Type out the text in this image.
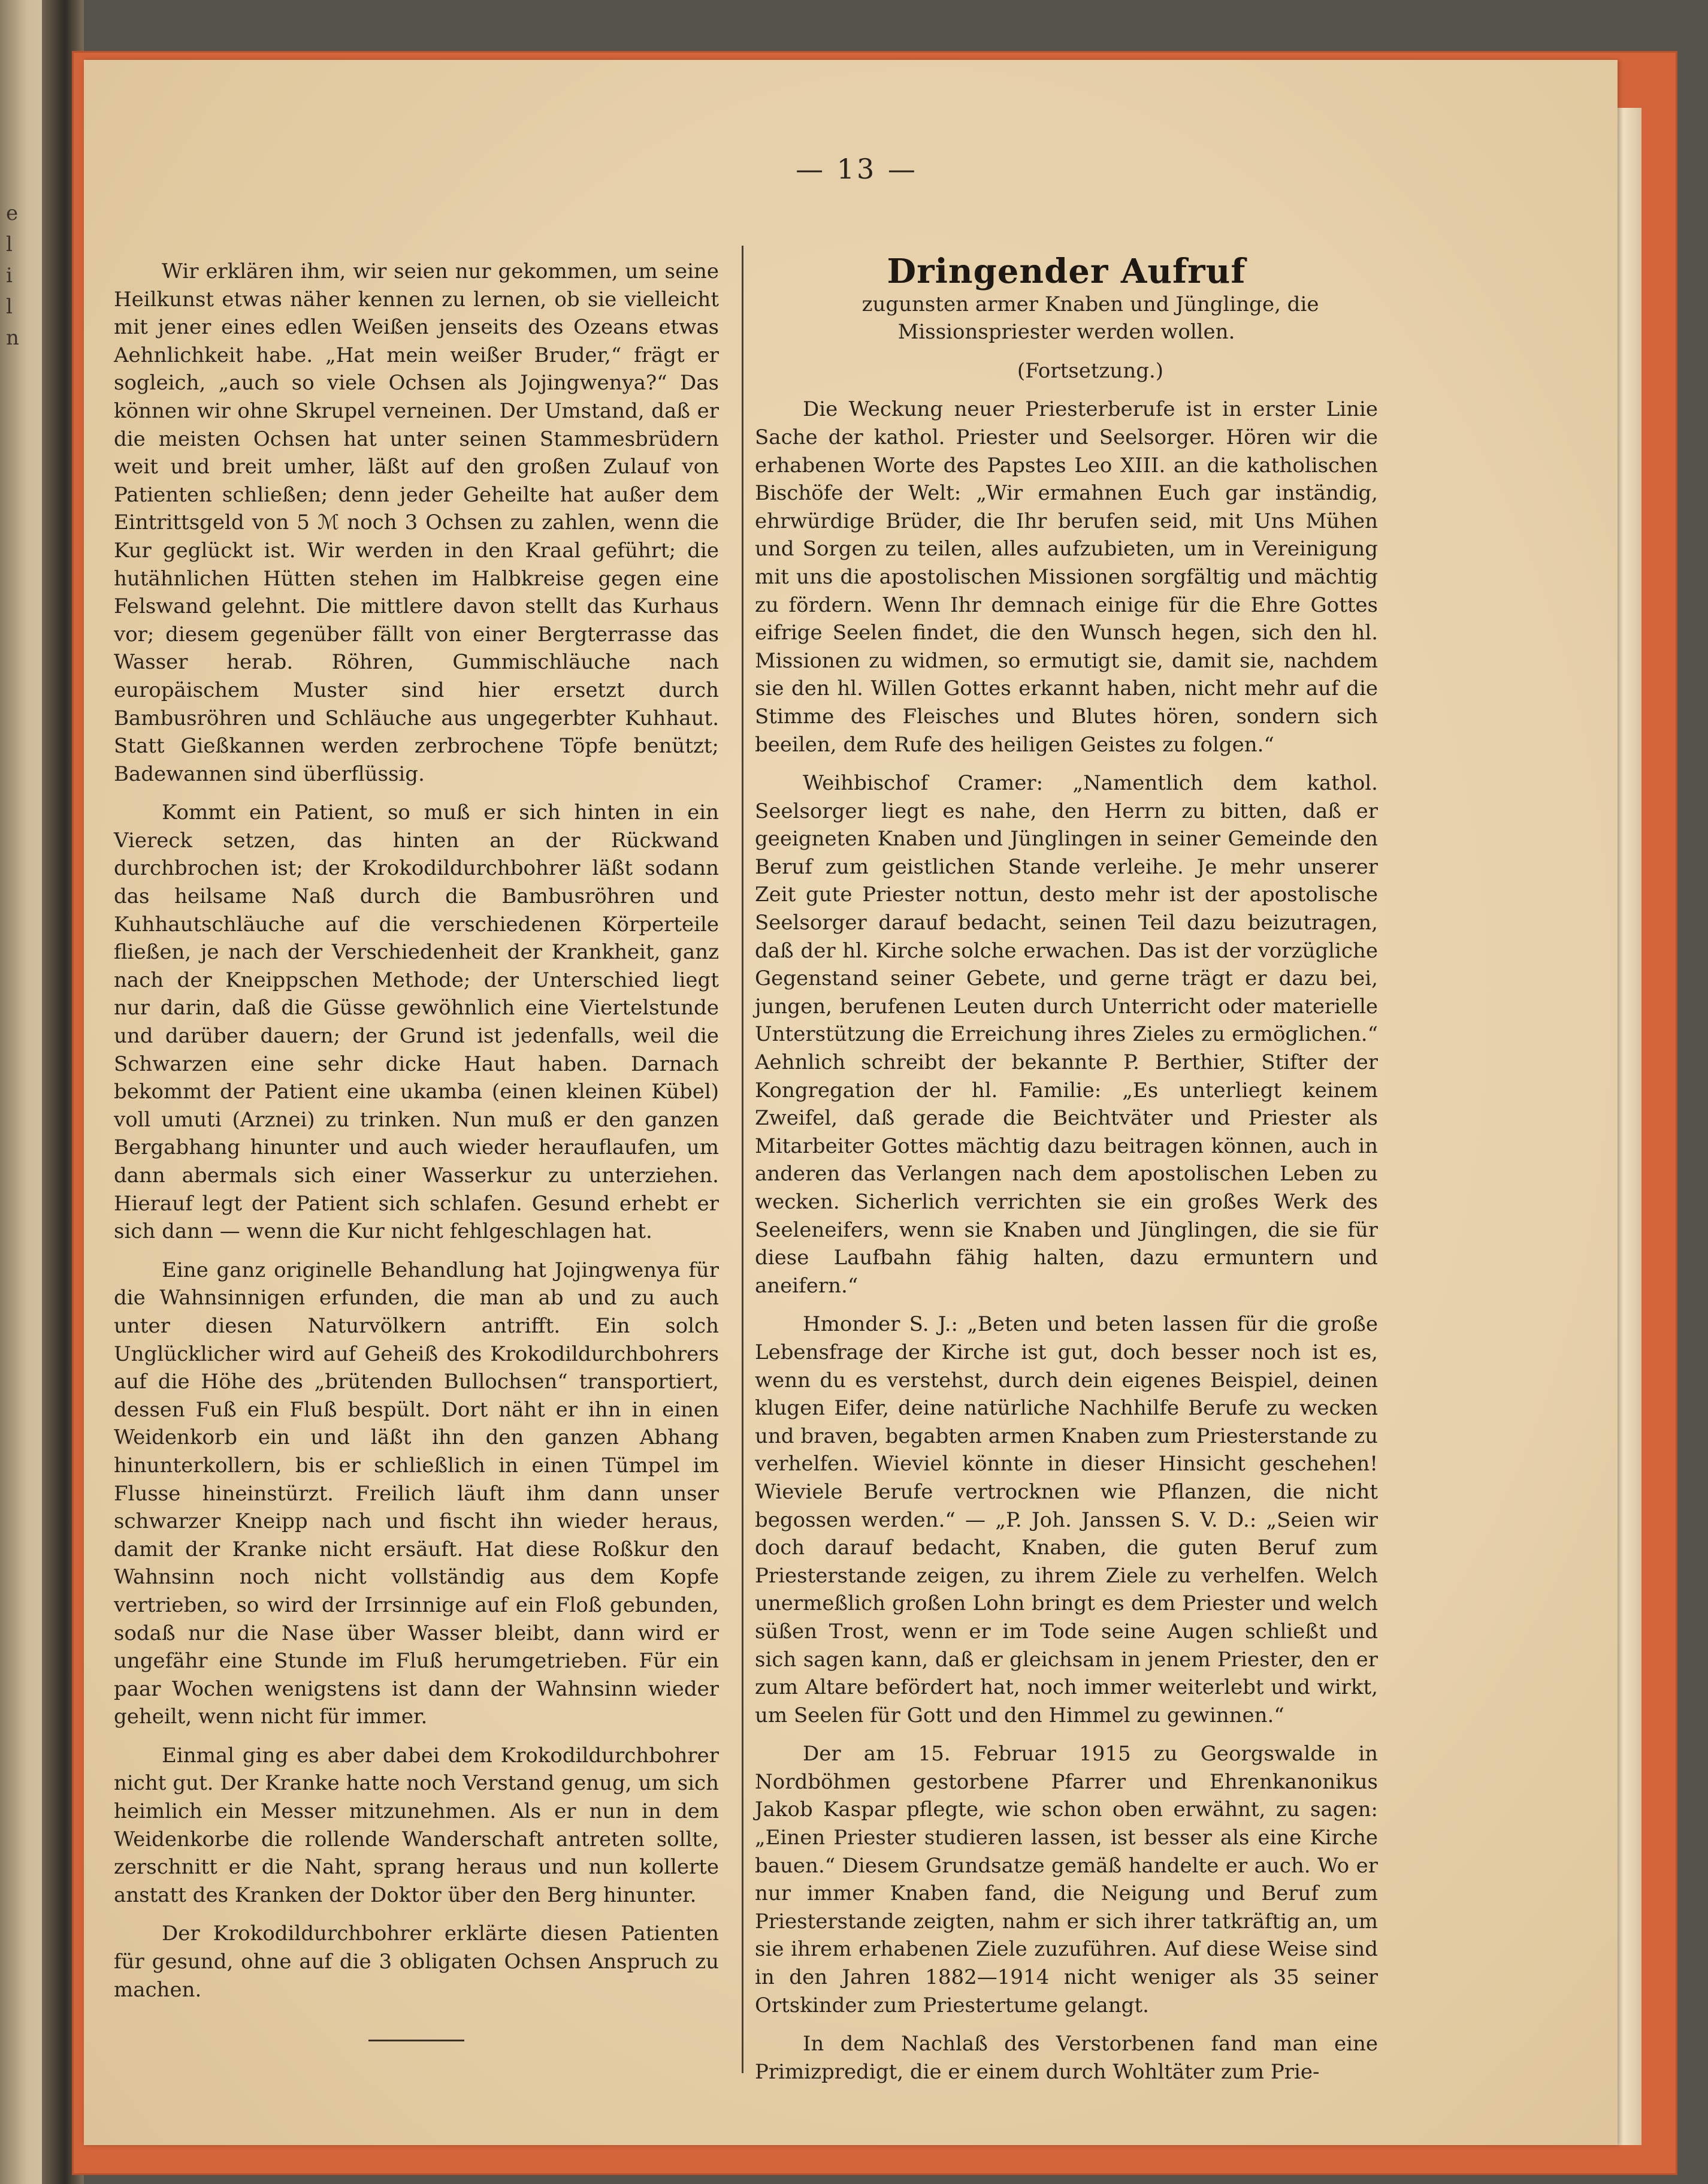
e
l
i
l
n
— 13 —

Wir erklären ihm, wir seien nur gekommen, um seine Heilkunst etwas näher kennen zu lernen, ob sie vielleicht mit jener eines edlen Weißen jenseits des Ozeans etwas Aehnlichkeit habe. „Hat mein weißer Bruder,“ frägt er sogleich, „auch so viele Ochsen als Jojingwenya?“ Das können wir ohne Skrupel verneinen. Der Umstand, daß er die meisten Ochsen hat unter seinen Stammesbrüdern weit und breit umher, läßt auf den großen Zulauf von Patienten schließen; denn jeder Geheilte hat außer dem Eintrittsgeld von 5 ℳ noch 3 Ochsen zu zahlen, wenn die Kur geglückt ist. Wir werden in den Kraal geführt; die hutähnlichen Hütten stehen im Halbkreise gegen eine Felswand gelehnt. Die mittlere davon stellt das Kurhaus vor; diesem gegenüber fällt von einer Bergterrasse das Wasser herab. Röhren, Gummischläuche nach europäischem Muster sind hier ersetzt durch Bambusröhren und Schläuche aus ungegerbter Kuhhaut. Statt Gießkannen werden zerbrochene Töpfe benützt; Badewannen sind überflüssig.

Kommt ein Patient, so muß er sich hinten in ein Viereck setzen, das hinten an der Rückwand durchbrochen ist; der Krokodildurchbohrer läßt sodann das heilsame Naß durch die Bambusröhren und Kuhhautschläuche auf die verschiedenen Körperteile fließen, je nach der Verschiedenheit der Krankheit, ganz nach der Kneippschen Methode; der Unterschied liegt nur darin, daß die Güsse gewöhnlich eine Viertelstunde und darüber dauern; der Grund ist jedenfalls, weil die Schwarzen eine sehr dicke Haut haben. Darnach bekommt der Patient eine ukamba (einen kleinen Kübel) voll umuti (Arznei) zu trinken. Nun muß er den ganzen Bergabhang hinunter und auch wieder herauflaufen, um dann abermals sich einer Wasserkur zu unterziehen. Hierauf legt der Patient sich schlafen. Gesund erhebt er sich dann — wenn die Kur nicht fehlgeschlagen hat.

Eine ganz originelle Behandlung hat Jojingwenya für die Wahnsinnigen erfunden, die man ab und zu auch unter diesen Naturvölkern antrifft. Ein solch Unglücklicher wird auf Geheiß des Krokodildurchbohrers auf die Höhe des „brütenden Bullochsen“ transportiert, dessen Fuß ein Fluß bespült. Dort näht er ihn in einen Weidenkorb ein und läßt ihn den ganzen Abhang hinunterkollern, bis er schließlich in einen Tümpel im Flusse hineinstürzt. Freilich läuft ihm dann unser schwarzer Kneipp nach und fischt ihn wieder heraus, damit der Kranke nicht ersäuft. Hat diese Roßkur den Wahnsinn noch nicht vollständig aus dem Kopfe vertrieben, so wird der Irrsinnige auf ein Floß gebunden, sodaß nur die Nase über Wasser bleibt, dann wird er ungefähr eine Stunde im Fluß herumgetrieben. Für ein paar Wochen wenigstens ist dann der Wahnsinn wieder geheilt, wenn nicht für immer.

Einmal ging es aber dabei dem Krokodildurchbohrer nicht gut. Der Kranke hatte noch Verstand genug, um sich heimlich ein Messer mitzunehmen. Als er nun in dem Weidenkorbe die rollende Wanderschaft antreten sollte, zerschnitt er die Naht, sprang heraus und nun kollerte anstatt des Kranken der Doktor über den Berg hinunter.

Der Krokodildurchbohrer erklärte diesen Patienten für gesund, ohne auf die 3 obligaten Ochsen Anspruch zu machen.

Dringender Aufruf

zugunsten armer Knaben und Jünglinge, die Missionspriester werden wollen.

(Fortsetzung.)

Die Weckung neuer Priesterberufe ist in erster Linie Sache der kathol. Priester und Seelsorger. Hören wir die erhabenen Worte des Papstes Leo XIII. an die katholischen Bischöfe der Welt: „Wir ermahnen Euch gar inständig, ehrwürdige Brüder, die Ihr berufen seid, mit Uns Mühen und Sorgen zu teilen, alles aufzubieten, um in Vereinigung mit uns die apostolischen Missionen sorgfältig und mächtig zu fördern. Wenn Ihr demnach einige für die Ehre Gottes eifrige Seelen findet, die den Wunsch hegen, sich den hl. Missionen zu widmen, so ermutigt sie, damit sie, nachdem sie den hl. Willen Gottes erkannt haben, nicht mehr auf die Stimme des Fleisches und Blutes hören, sondern sich beeilen, dem Rufe des heiligen Geistes zu folgen.“

Weihbischof Cramer: „Namentlich dem kathol. Seelsorger liegt es nahe, den Herrn zu bitten, daß er geeigneten Knaben und Jünglingen in seiner Gemeinde den Beruf zum geistlichen Stande verleihe. Je mehr unserer Zeit gute Priester nottun, desto mehr ist der apostolische Seelsorger darauf bedacht, seinen Teil dazu beizutragen, daß der hl. Kirche solche erwachen. Das ist der vorzügliche Gegenstand seiner Gebete, und gerne trägt er dazu bei, jungen, berufenen Leuten durch Unterricht oder materielle Unterstützung die Erreichung ihres Zieles zu ermöglichen.“ Aehnlich schreibt der bekannte P. Berthier, Stifter der Kongregation der hl. Familie: „Es unterliegt keinem Zweifel, daß gerade die Beichtväter und Priester als Mitarbeiter Gottes mächtig dazu beitragen können, auch in anderen das Verlangen nach dem apostolischen Leben zu wecken. Sicherlich verrichten sie ein großes Werk des Seeleneifers, wenn sie Knaben und Jünglingen, die sie für diese Laufbahn fähig halten, dazu ermuntern und aneifern.“

Hmonder S. J.: „Beten und beten lassen für die große Lebensfrage der Kirche ist gut, doch besser noch ist es, wenn du es verstehst, durch dein eigenes Beispiel, deinen klugen Eifer, deine natürliche Nachhilfe Berufe zu wecken und braven, begabten armen Knaben zum Priesterstande zu verhelfen. Wieviel könnte in dieser Hinsicht geschehen! Wieviele Berufe vertrocknen wie Pflanzen, die nicht begossen werden.“ — „P. Joh. Janssen S. V. D.: „Seien wir doch darauf bedacht, Knaben, die guten Beruf zum Priesterstande zeigen, zu ihrem Ziele zu verhelfen. Welch unermeßlich großen Lohn bringt es dem Priester und welch süßen Trost, wenn er im Tode seine Augen schließt und sich sagen kann, daß er gleichsam in jenem Priester, den er zum Altare befördert hat, noch immer weiterlebt und wirkt, um Seelen für Gott und den Himmel zu gewinnen.“

Der am 15. Februar 1915 zu Georgswalde in Nordböhmen gestorbene Pfarrer und Ehrenkanonikus Jakob Kaspar pflegte, wie schon oben erwähnt, zu sagen: „Einen Priester studieren lassen, ist besser als eine Kirche bauen.“ Diesem Grundsatze gemäß handelte er auch. Wo er nur immer Knaben fand, die Neigung und Beruf zum Priesterstande zeigten, nahm er sich ihrer tatkräftig an, um sie ihrem erhabenen Ziele zuzuführen. Auf diese Weise sind in den Jahren 1882—1914 nicht weniger als 35 seiner Ortskinder zum Priestertume gelangt.

In dem Nachlaß des Verstorbenen fand man eine Primizpredigt, die er einem durch Wohltäter zum Prie-
